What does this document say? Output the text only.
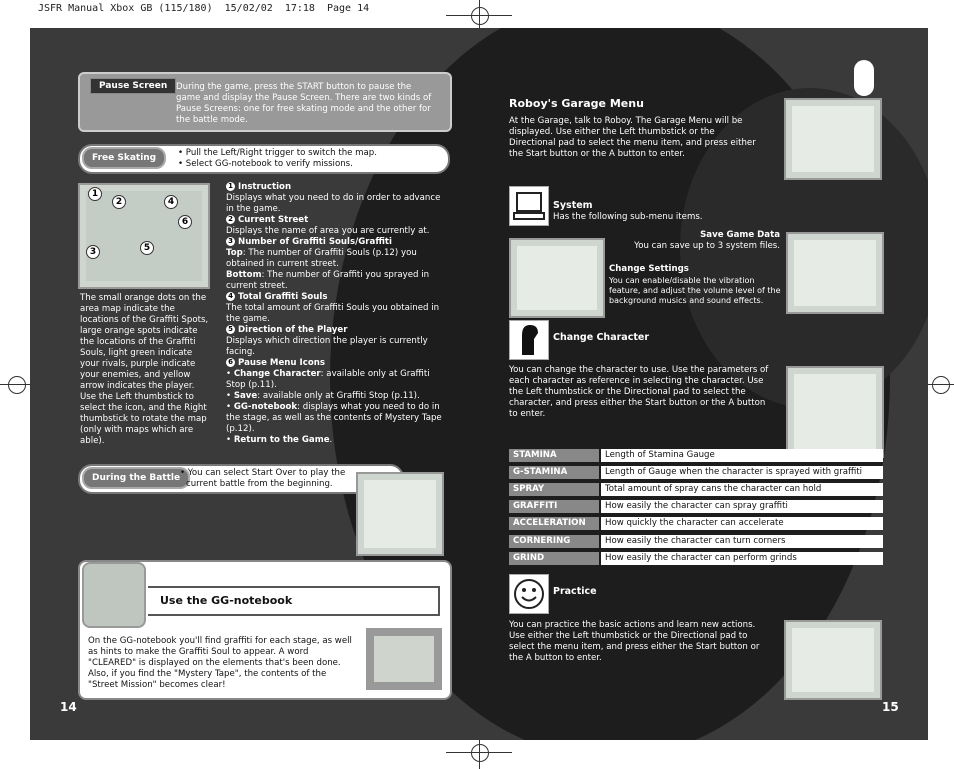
JSFR Manual Xbox GB (115/180)  15/02/02  17:18  Page 14
Pause Screen	During the game, press the START button to pause the game and display the Pause Screen. There are two kinds of Pause Screens: one for free skating mode and the other for the battle mode.
Free Skating	• Pull the Left/Right trigger to switch the map.
• Select GG-notebook to verify missions.
1
2	4
6
3	5
The small orange dots on the area map indicate the locations of the Graffiti Spots, large orange spots indicate the locations of the Graffiti Souls, light green indicate your rivals, purple indicate your enemies, and yellow arrow indicates the player. Use the Left thumbstick to select the icon, and the Right thumbstick to rotate the map (only with maps which are able).
1 Instruction
Displays what you need to do in order to advance in the game.
2 Current Street
Displays the name of area you are currently at.
3 Number of Graffiti Souls/Graffiti
Top: The number of Graffiti Souls (p.12) you obtained in current street.
Bottom: The number of Graffiti you sprayed in current street.
4 Total Graffiti Souls
The total amount of Graffiti Souls you obtained in the game.
5 Direction of the Player
Displays which direction the player is currently facing.
6 Pause Menu Icons
• Change Character: available only at Graffiti Stop (p.11).
• Save: available only at Graffiti Stop (p.11).
• GG-notebook: displays what you need to do in the stage, as well as the contents of Mystery Tape (p.12).
• Return to the Game.
During the Battle • You can select Start Over to play the
current battle from the beginning.
Use the GG-notebook
On the GG-notebook you'll find graffiti for each stage, as well as hints to make the Graffiti Soul to appear. A word "CLEARED" is displayed on the elements that's been done. Also, if you find the "Mystery Tape", the contents of the "Street Mission" becomes clear!
14
Roboy's Garage Menu
At the Garage, talk to Roboy. The Garage Menu will be displayed. Use either the Left thumbstick or the Directional pad to select the menu item, and press either the Start button or the A button to enter.
System
Has the following sub-menu items.
Save Game Data
You can save up to 3 system files.
Change Settings
You can enable/disable the vibration feature, and adjust the volume level of the background musics and sound effects.
Change Character
You can change the character to use. Use the parameters of each character as reference in selecting the character. Use the Left thumbstick or the Directional pad to select the character, and press either the Start button or the A button to enter.
STAMINA	Length of Stamina Gauge
G-STAMINA	Length of Gauge when the character is sprayed with graffiti
SPRAY	Total amount of spray cans the character can hold
GRAFFITI	How easily the character can spray graffiti
ACCELERATION	How quickly the character can accelerate
CORNERING	How easily the character can turn corners
GRIND	How easily the character can perform grinds
Practice
You can practice the basic actions and learn new actions. Use either the Left thumbstick or the Directional pad to select the menu item, and press either the Start button or the A button to enter.
15
